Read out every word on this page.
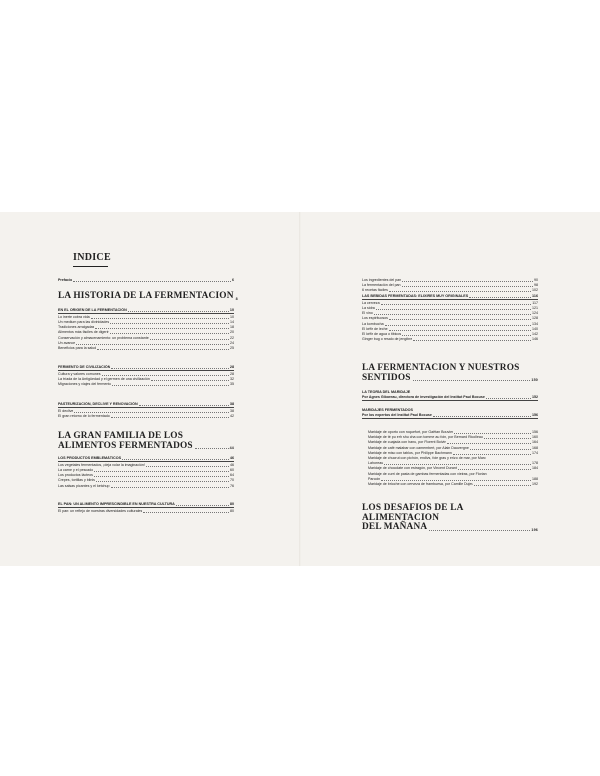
INDICE
Prefacio	6
LA HISTORIA DE LA FERMENTACION 8
EN EL ORIGEN DE LA FERMENTACIÓN	10
Lo inerte cobra vida	10
Un medium para las divinidades	14
Tradiciones arraigadas	18
Alimentos más fáciles de digerir	20
Conservación y almacenamiento: un problema constante	22
Un avance	24
Beneficios para la salud	25
FERMENTO DE CIVILIZACIÓN	28
Cultura y valores comunes	28
La tríada de la Antigüedad y el germen de una civilización	32
Migraciones y viajes del fermento	35
PASTEURIZACIÓN, DECLIVE Y RENOVACIÓN	38
El declive	38
El gran retorno de lo fermentado	42
LA GRAN FAMILIA DE LOS
ALIMENTOS FERMENTADOS	44
LOS PRODUCTOS EMBLEMÁTICOS	46
Los vegetales fermentados, ¡deja volar la imaginación!	46
La carne y el pescado	60
Los productos lácteos	64
Crepes, tortillas y blinis	70
Las salsas picantes y el ketchup	76
EL PAN: UN ALIMENTO IMPRESCINDIBLE EN NUESTRA CULTURA	80
El pan: un reflejo de nuestras diversidades culturales	80
Los ingredientes del pan	90
La fermentación del pan	98
6 recetas fáciles	102
LAS BEBIDAS FERMENTADAS: ELIXIRES MUY ORIGINALES	116
La cerveza	117
La sidra	121
El vino	124
Los espirituosos	128
La kombucha	134
El kéfir de leche	140
El kéfir de agua o tibicos	142
Ginger bug o resalo de jengibre	146
LA FERMENTACION Y NUESTROS
SENTIDOS	150
LA TEORÍA DEL MARIDAJE
Por Agnes Giboreau, directora de investigación del Institut Paul Bocuse	152
MARIDAJES FERMENTADOS
Por los expertos del Institut Paul Bocuse	156
Maridaje de oporto con roquefort, por Gaëtan Bouvier	156
Maridaje de té pu erh shu cha con tomme au foin, por Bernard Ricolleau	160
Maridaje de cuajada con hanu, por Florent Boivin	164
Maridaje de café malabar con camembert, por Alain Dauvergne	168
Maridaje de miso con tablos, por Philippe Bachmann	174
Maridaje de chucrut con pichón, endivs, foie gras y erizo de mar, por Marc
Lahoreau	178
Maridaje de chocolate con estragón, por Vincent Durant	184
Maridaje de curri de pasta de gambas fermentadas con vieiras, por Florian
Parcoin	188
Maridaje de brioche con cerveza de frambuesa, por Camille Dujeu	192
LOS DESAFIOS DE LA ALIMENTACION
DEL MAÑANA	196
